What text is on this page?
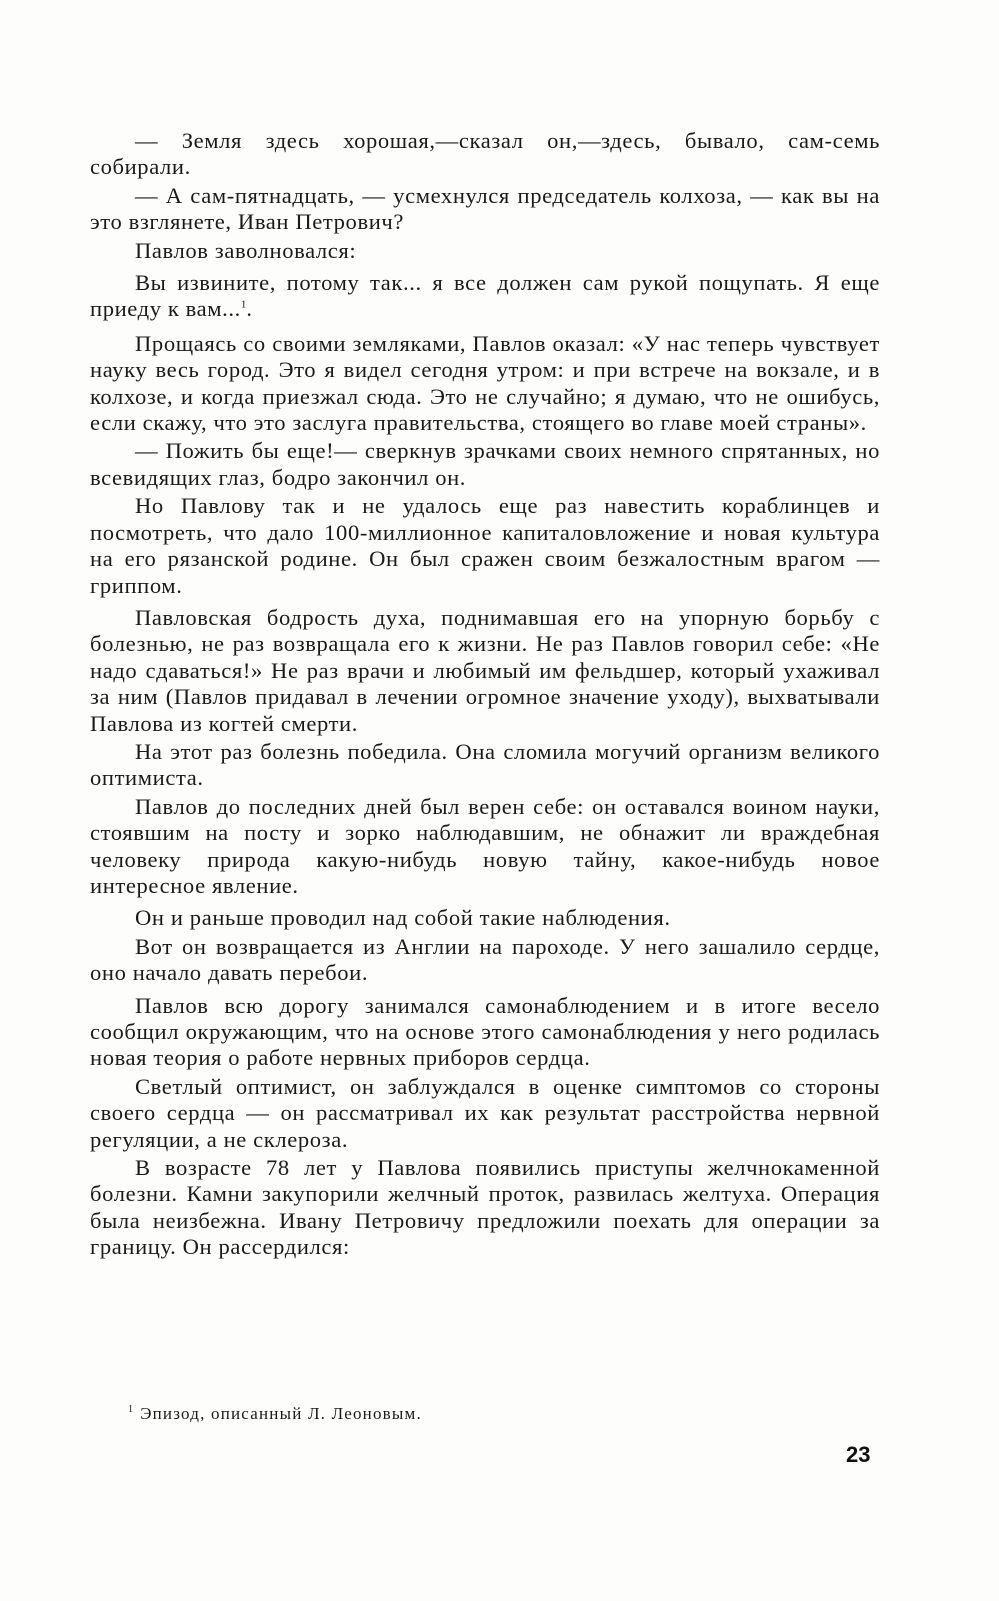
— Земля здесь хорошая,—сказал он,—здесь, бывало, сам-семь собирали.

— А сам-пятнадцать, — усмехнулся председатель колхоза, — как вы на это взглянете, Иван Петрович?

Павлов заволновался:

Вы извините, потому так... я все должен сам рукой пощупать. Я еще приеду к вам...$^1$.

Прощаясь со своими земляками, Павлов оказал: «У нас теперь чувствует науку весь город. Это я видел сегодня утром: и при встрече на вокзале, и в колхозе, и когда приезжал сюда. Это не случайно; я думаю, что не ошибусь, если скажу, что это заслуга правительства, стоящего во главе моей страны».

— Пожить бы еще!— сверкнув зрачками своих немного спрятанных, но всевидящих глаз, бодро закончил он.

Но Павлову так и не удалось еще раз навестить кораблинцев и посмотреть, что дало 100-миллионное капиталовложение и новая культура на его рязанской родине. Он был сражен своим безжалостным врагом — гриппом.

Павловская бодрость духа, поднимавшая его на упорную борьбу с болезнью, не раз возвращала его к жизни. Не раз Павлов говорил себе: «Не надо сдаваться!» Не раз врачи и любимый им фельдшер, который ухаживал за ним (Павлов придавал в лечении огромное значение уходу), выхватывали Павлова из когтей смерти.

На этот раз болезнь победила. Она сломила могучий организм великого оптимиста.

Павлов до последних дней был верен себе: он оставался воином науки, стоявшим на посту и зорко наблюдавшим, не обнажит ли враждебная человеку природа какую-нибудь новую тайну, какое-нибудь новое интересное явление.

Он и раньше проводил над собой такие наблюдения.

Вот он возвращается из Англии на пароходе. У него зашалило сердце, оно начало давать перебои.

Павлов всю дорогу занимался самонаблюдением и в итоге весело сообщил окружающим, что на основе этого самонаблюдения у него родилась новая теория о работе нервных приборов сердца.

Светлый оптимист, он заблуждался в оценке симптомов со стороны своего сердца — он рассматривал их как результат расстройства нервной регуляции, а не склероза.

В возрасте 78 лет у Павлова появились приступы желчнокаменной болезни. Камни закупорили желчный проток, развилась желтуха. Операция была неизбежна. Ивану Петровичу предложили поехать для операции за границу. Он рассердился:

$^1$ Эпизод, описанный Л. Леоновым.
23
